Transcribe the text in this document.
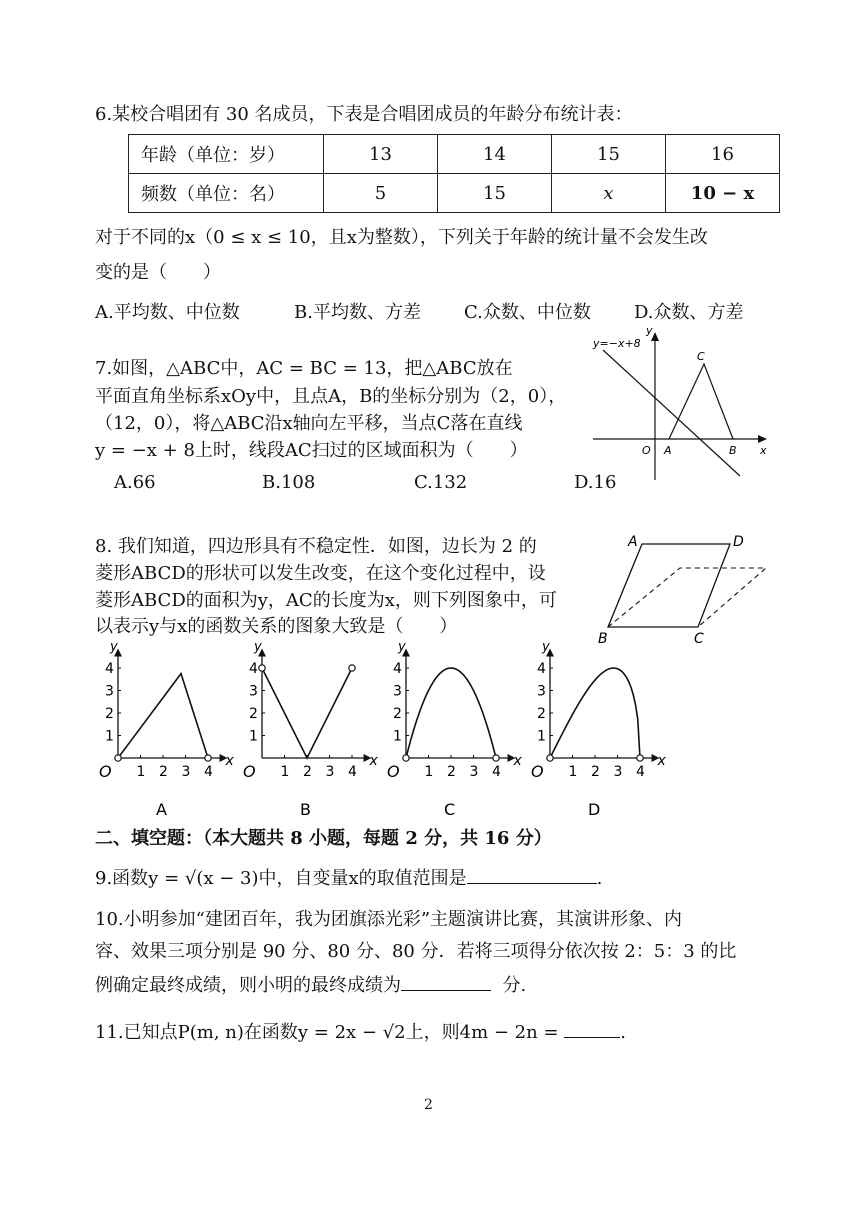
6.某校合唱团有 30 名成员，下表是合唱团成员的年龄分布统计表：
年龄（单位：岁）	13	14	15	16
频数（单位：名）	5	15	x	10 − x
对于不同的x（0 ≤ x ≤ 10，且x为整数），下列关于年龄的统计量不会发生改
变的是（　　）
A.平均数、中位数	B.平均数、方差 C.众数、中位数 D.众数、方差
7.如图，△ABC中，AC = BC = 13，把△ABC放在
平面直角坐标系xOy中，且点A，B的坐标分别为（2，0），
（12，0），将△ABC沿x轴向左平移，当点C落在直线
y = −x + 8上时，线段AC扫过的区域面积为（　　）
A.66	B.108	C.132	D.16
y=−x+8
y
C
O A	B x
8. 我们知道，四边形具有不稳定性．如图，边长为 2 的
菱形ABCD的形状可以发生改变，在这个变化过程中，设
菱形ABCD的面积为y，AC的长度为x，则下列图象中，可
以表示y与x的函数关系的图象大致是（　　）
A	D
B	C
1
1
2
2
3
3
4
4
O
y
x
A
1
1
2
2
3
3
4
4
O
y
x
B
1
1
2
2
3
3
4
4
O
y
x
C
1
1
2
2
3
3
4
4
O
y
x
D
二、填空题：（本大题共 8 小题，每题 2 分，共 16 分）
9.函数y = √(x − 3)中，自变量x的取值范围是	.
10.小明参加“建团百年，我为团旗添光彩”主题演讲比赛，其演讲形象、内
容、效果三项分别是 90 分、80 分、80 分．若将三项得分依次按 2：5：3 的比
例确定最终成绩，则小明的最终成绩为	分.
11.已知点P(m, n)在函数y = 2x − √2上，则4m − 2n =	.
2
